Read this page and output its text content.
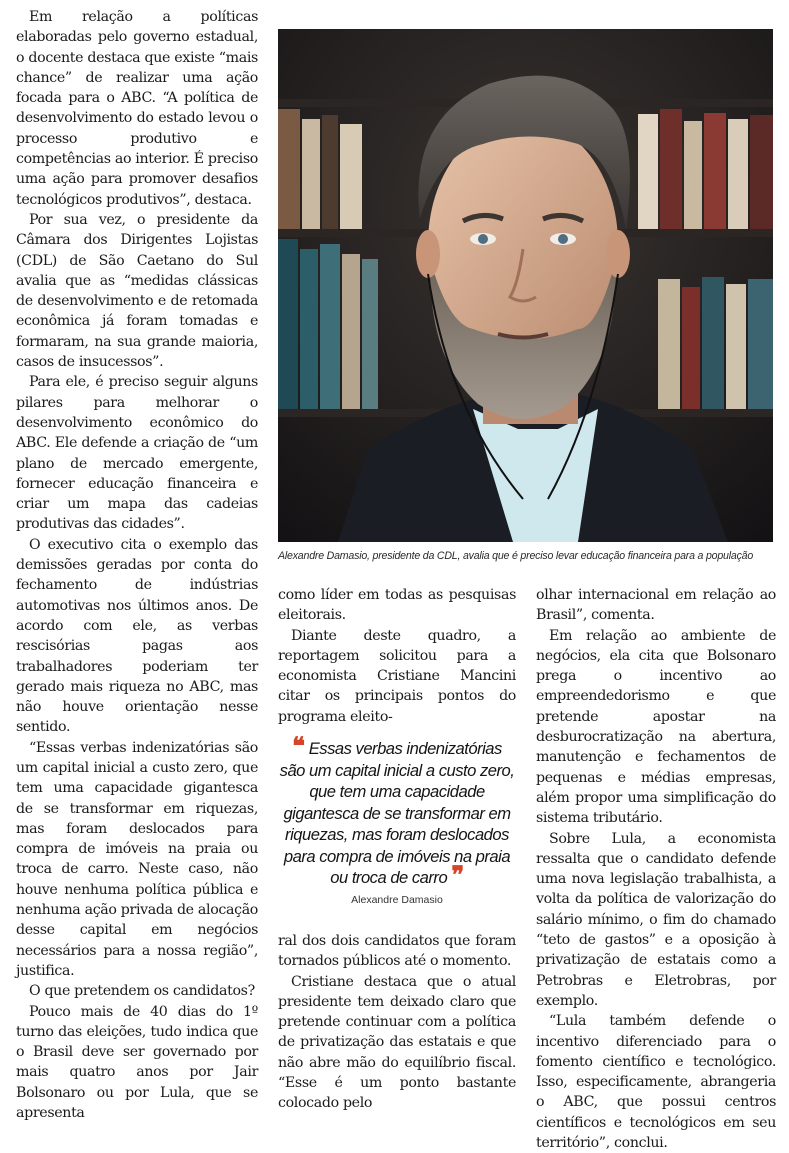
Em relação a políticas elaboradas pelo governo estadual, o docente destaca que existe “mais chance” de realizar uma ação focada para o ABC. “A política de desenvolvimento do estado levou o processo produtivo e competências ao interior. É preciso uma ação para promover desafios tecnológicos produtivos”, destaca.

Por sua vez, o presidente da Câmara dos Dirigentes Lojistas (CDL) de São Caetano do Sul avalia que as “medidas clássicas de desenvolvimento e de retomada econômica já foram tomadas e formaram, na sua grande maioria, casos de insucessos”.

Para ele, é preciso seguir alguns pilares para melhorar o desenvolvimento econômico do ABC. Ele defende a criação de “um plano de mercado emergente, fornecer educação financeira e criar um mapa das cadeias produtivas das cidades”.

O executivo cita o exemplo das demissões geradas por conta do fechamento de indústrias automotivas nos últimos anos. De acordo com ele, as verbas rescisórias pagas aos trabalhadores poderiam ter gerado mais riqueza no ABC, mas não houve orientação nesse sentido.

“Essas verbas indenizatórias são um capital inicial a custo zero, que tem uma capacidade gigantesca de se transformar em riquezas, mas foram deslocados para compra de imóveis na praia ou troca de carro. Neste caso, não houve nenhuma política pública e nenhuma ação privada de alocação desse capital em negócios necessários para a nossa região”, justifica.

O que pretendem os candidatos?

Pouco mais de 40 dias do 1º turno das eleições, tudo indica que o Brasil deve ser governado por mais quatro anos por Jair Bolsonaro ou por Lula, que se apresenta

Alexandre Damasio, presidente da CDL, avalia que é preciso levar educação financeira para a população

como líder em todas as pesquisas eleitorais.

Diante deste quadro, a reportagem solicitou para a economista Cristiane Mancini citar os principais pontos do programa eleito-

❝ Essas verbas indenizatórias são um capital inicial a custo zero, que tem uma capacidade gigantesca de se transformar em riquezas, mas foram deslocados para compra de imóveis na praia ou troca de carro ❞
Alexandre Damasio

ral dos dois candidatos que foram tornados públicos até o momento.

Cristiane destaca que o atual presidente tem deixado claro que pretende continuar com a política de privatização das estatais e que não abre mão do equilíbrio fiscal. “Esse é um ponto bastante colocado pelo

olhar internacional em relação ao Brasil”, comenta.

Em relação ao ambiente de negócios, ela cita que Bolsonaro prega o incentivo ao empreendedorismo e que pretende apostar na desburocratização na abertura, manutenção e fechamentos de pequenas e médias empresas, além propor uma simplificação do sistema tributário.

Sobre Lula, a economista ressalta que o candidato defende uma nova legislação trabalhista, a volta da política de valorização do salário mínimo, o fim do chamado “teto de gastos” e a oposição à privatização de estatais como a Petrobras e Eletrobras, por exemplo.

“Lula também defende o incentivo diferenciado para o fomento científico e tecnológico. Isso, especificamente, abrangeria o ABC, que possui centros científicos e tecnológicos em seu território”, conclui.
